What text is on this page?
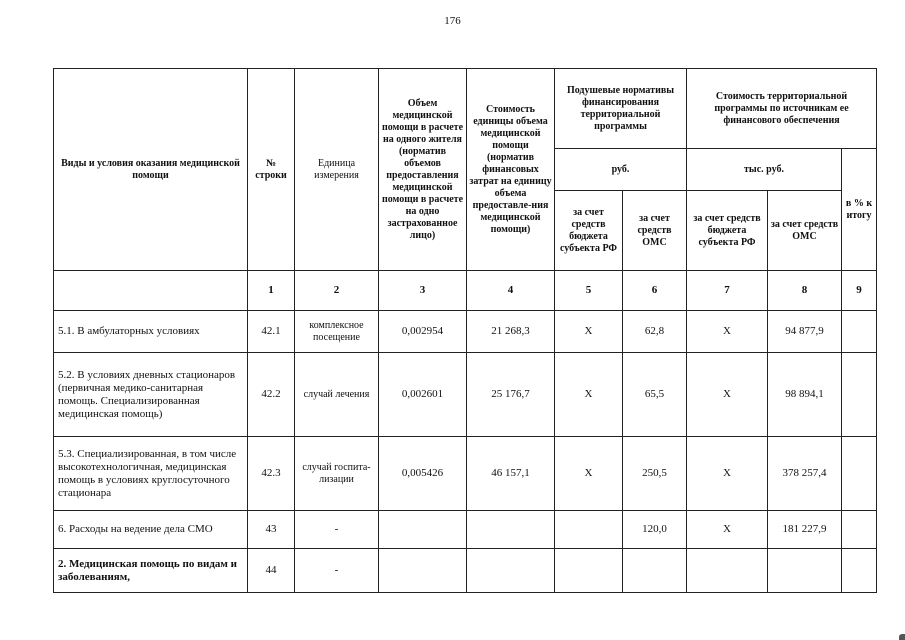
176
Виды и условия оказания медицинской помощи	№ строки	Единица измерения	Объем медицинской помощи в расчете на одного жителя (норматив объемов предоставления медицинской помощи в расчете на одно застрахованное лицо)	Стоимость единицы объема медицинской помощи (норматив финансовых затрат на единицу объема предоставле-ния медицинской помощи)	Подушевые нормативы финансирования территориальной программы		Стоимость территориальной программы по источникам ее финансового обеспечения		
					руб.		тыс. руб.		в % к итогу
					за счет средств бюджета субъекта РФ	за счет средств ОМС	за счет средств бюджета субъекта РФ	за счет средств ОМС	
	1	2	3	4	5	6	7	8	9
5.1. В амбулаторных условиях	42.1	комплексное посещение	0,002954	21 268,3	Х	62,8	Х	94 877,9	
5.2. В условиях дневных стационаров (первичная медико-санитарная помощь. Специализированная медицинская помощь)	42.2	случай лечения	0,002601	25 176,7	Х	65,5	Х	98 894,1	
5.3. Специализированная, в том числе высокотехнологичная, медицинская помощь в условиях круглосуточного стационара	42.3	случай госпита-лизации	0,005426	46 157,1	Х	250,5	Х	378 257,4	
6. Расходы на ведение дела СМО	43	-				120,0	Х	181 227,9	
2. Медицинская помощь по видам и заболеваниям,	44	-							
